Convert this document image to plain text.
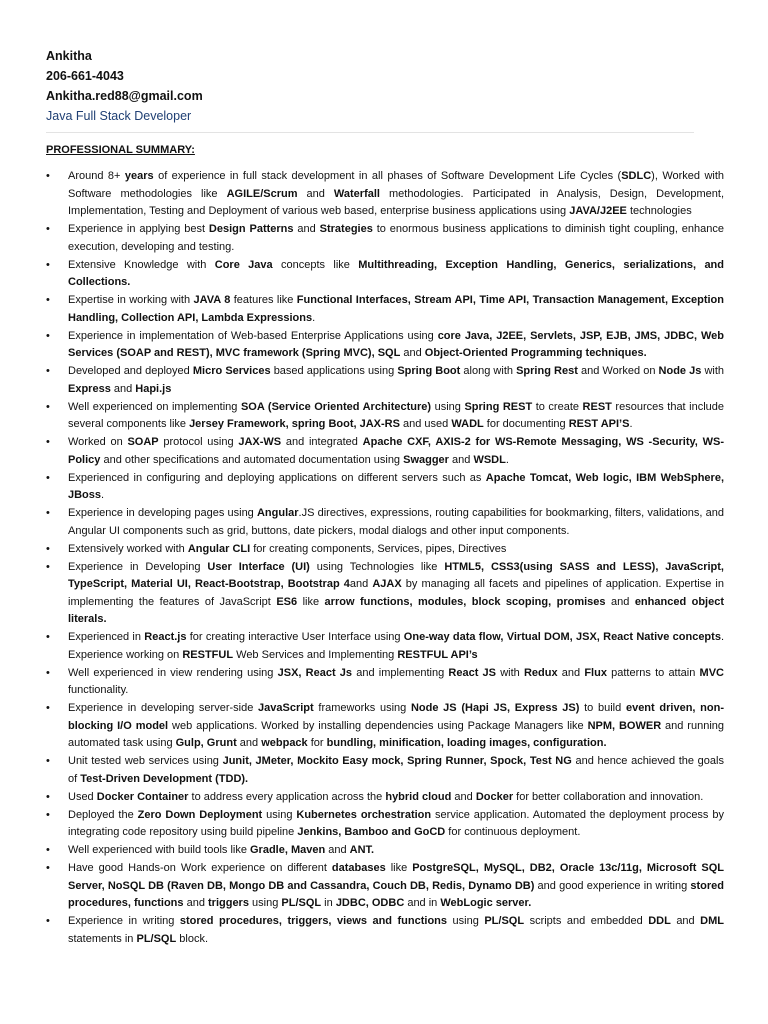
Ankitha
206-661-4043
Ankitha.red88@gmail.com
Java Full Stack Developer
PROFESSIONAL SUMMARY:
• Around 8+ years of experience in full stack development in all phases of Software Development Life Cycles (SDLC), Worked with Software methodologies like AGILE/Scrum and Waterfall methodologies. Participated in Analysis, Design, Development, Implementation, Testing and Deployment of various web based, enterprise business applications using JAVA/J2EE technologies
• Experience in applying best Design Patterns and Strategies to enormous business applications to diminish tight coupling, enhance execution, developing and testing.
• Extensive Knowledge with Core Java concepts like Multithreading, Exception Handling, Generics, serializations, and Collections.
• Expertise in working with JAVA 8 features like Functional Interfaces, Stream API, Time API, Transaction Management, Exception Handling, Collection API, Lambda Expressions.
• Experience in implementation of Web-based Enterprise Applications using core Java, J2EE, Servlets, JSP, EJB, JMS, JDBC, Web Services (SOAP and REST), MVC framework (Spring MVC), SQL and Object-Oriented Programming techniques.
• Developed and deployed Micro Services based applications using Spring Boot along with Spring Rest and Worked on Node Js with Express and Hapi.js
• Well experienced on implementing SOA (Service Oriented Architecture) using Spring REST to create REST resources that include several components like Jersey Framework, spring Boot, JAX-RS and used WADL for documenting REST API’S.
• Worked on SOAP protocol using JAX-WS and integrated Apache CXF, AXIS-2 for WS-Remote Messaging, WS -Security, WS- Policy and other specifications and automated documentation using Swagger and WSDL.
• Experienced in configuring and deploying applications on different servers such as Apache Tomcat, Web logic, IBM WebSphere, JBoss.
• Experience in developing pages using Angular.JS directives, expressions, routing capabilities for bookmarking, filters, validations, and Angular UI components such as grid, buttons, date pickers, modal dialogs and other input components.
• Extensively worked with Angular CLI for creating components, Services, pipes, Directives
• Experience in Developing User Interface (UI) using Technologies like HTML5, CSS3(using SASS and LESS), JavaScript, TypeScript, Material UI, React-Bootstrap, Bootstrap 4and AJAX by managing all facets and pipelines of application. Expertise in implementing the features of JavaScript ES6 like arrow functions, modules, block scoping, promises and enhanced object literals.
• Experienced in React.js for creating interactive User Interface using One-way data flow, Virtual DOM, JSX, React Native concepts. Experience working on RESTFUL Web Services and Implementing RESTFUL API’s
• Well experienced in view rendering using JSX, React Js and implementing React JS with Redux and Flux patterns to attain MVC functionality.
• Experience in developing server-side JavaScript frameworks using Node JS (Hapi JS, Express JS) to build event driven, non-blocking I/O model web applications. Worked by installing dependencies using Package Managers like NPM, BOWER and running automated task using Gulp, Grunt and webpack for bundling, minification, loading images, configuration.
• Unit tested web services using Junit, JMeter, Mockito Easy mock, Spring Runner, Spock, Test NG and hence achieved the goals of Test-Driven Development (TDD).
• Used Docker Container to address every application across the hybrid cloud and Docker for better collaboration and innovation.
• Deployed the Zero Down Deployment using Kubernetes orchestration service application. Automated the deployment process by integrating code repository using build pipeline Jenkins, Bamboo and GoCD for continuous deployment.
• Well experienced with build tools like Gradle, Maven and ANT.
• Have good Hands-on Work experience on different databases like PostgreSQL, MySQL, DB2, Oracle 13c/11g, Microsoft SQL Server, NoSQL DB (Raven DB, Mongo DB and Cassandra, Couch DB, Redis, Dynamo DB) and good experience in writing stored procedures, functions and triggers using PL/SQL in JDBC, ODBC and in WebLogic server.
• Experience in writing stored procedures, triggers, views and functions using PL/SQL scripts and embedded DDL and DML statements in PL/SQL block.
